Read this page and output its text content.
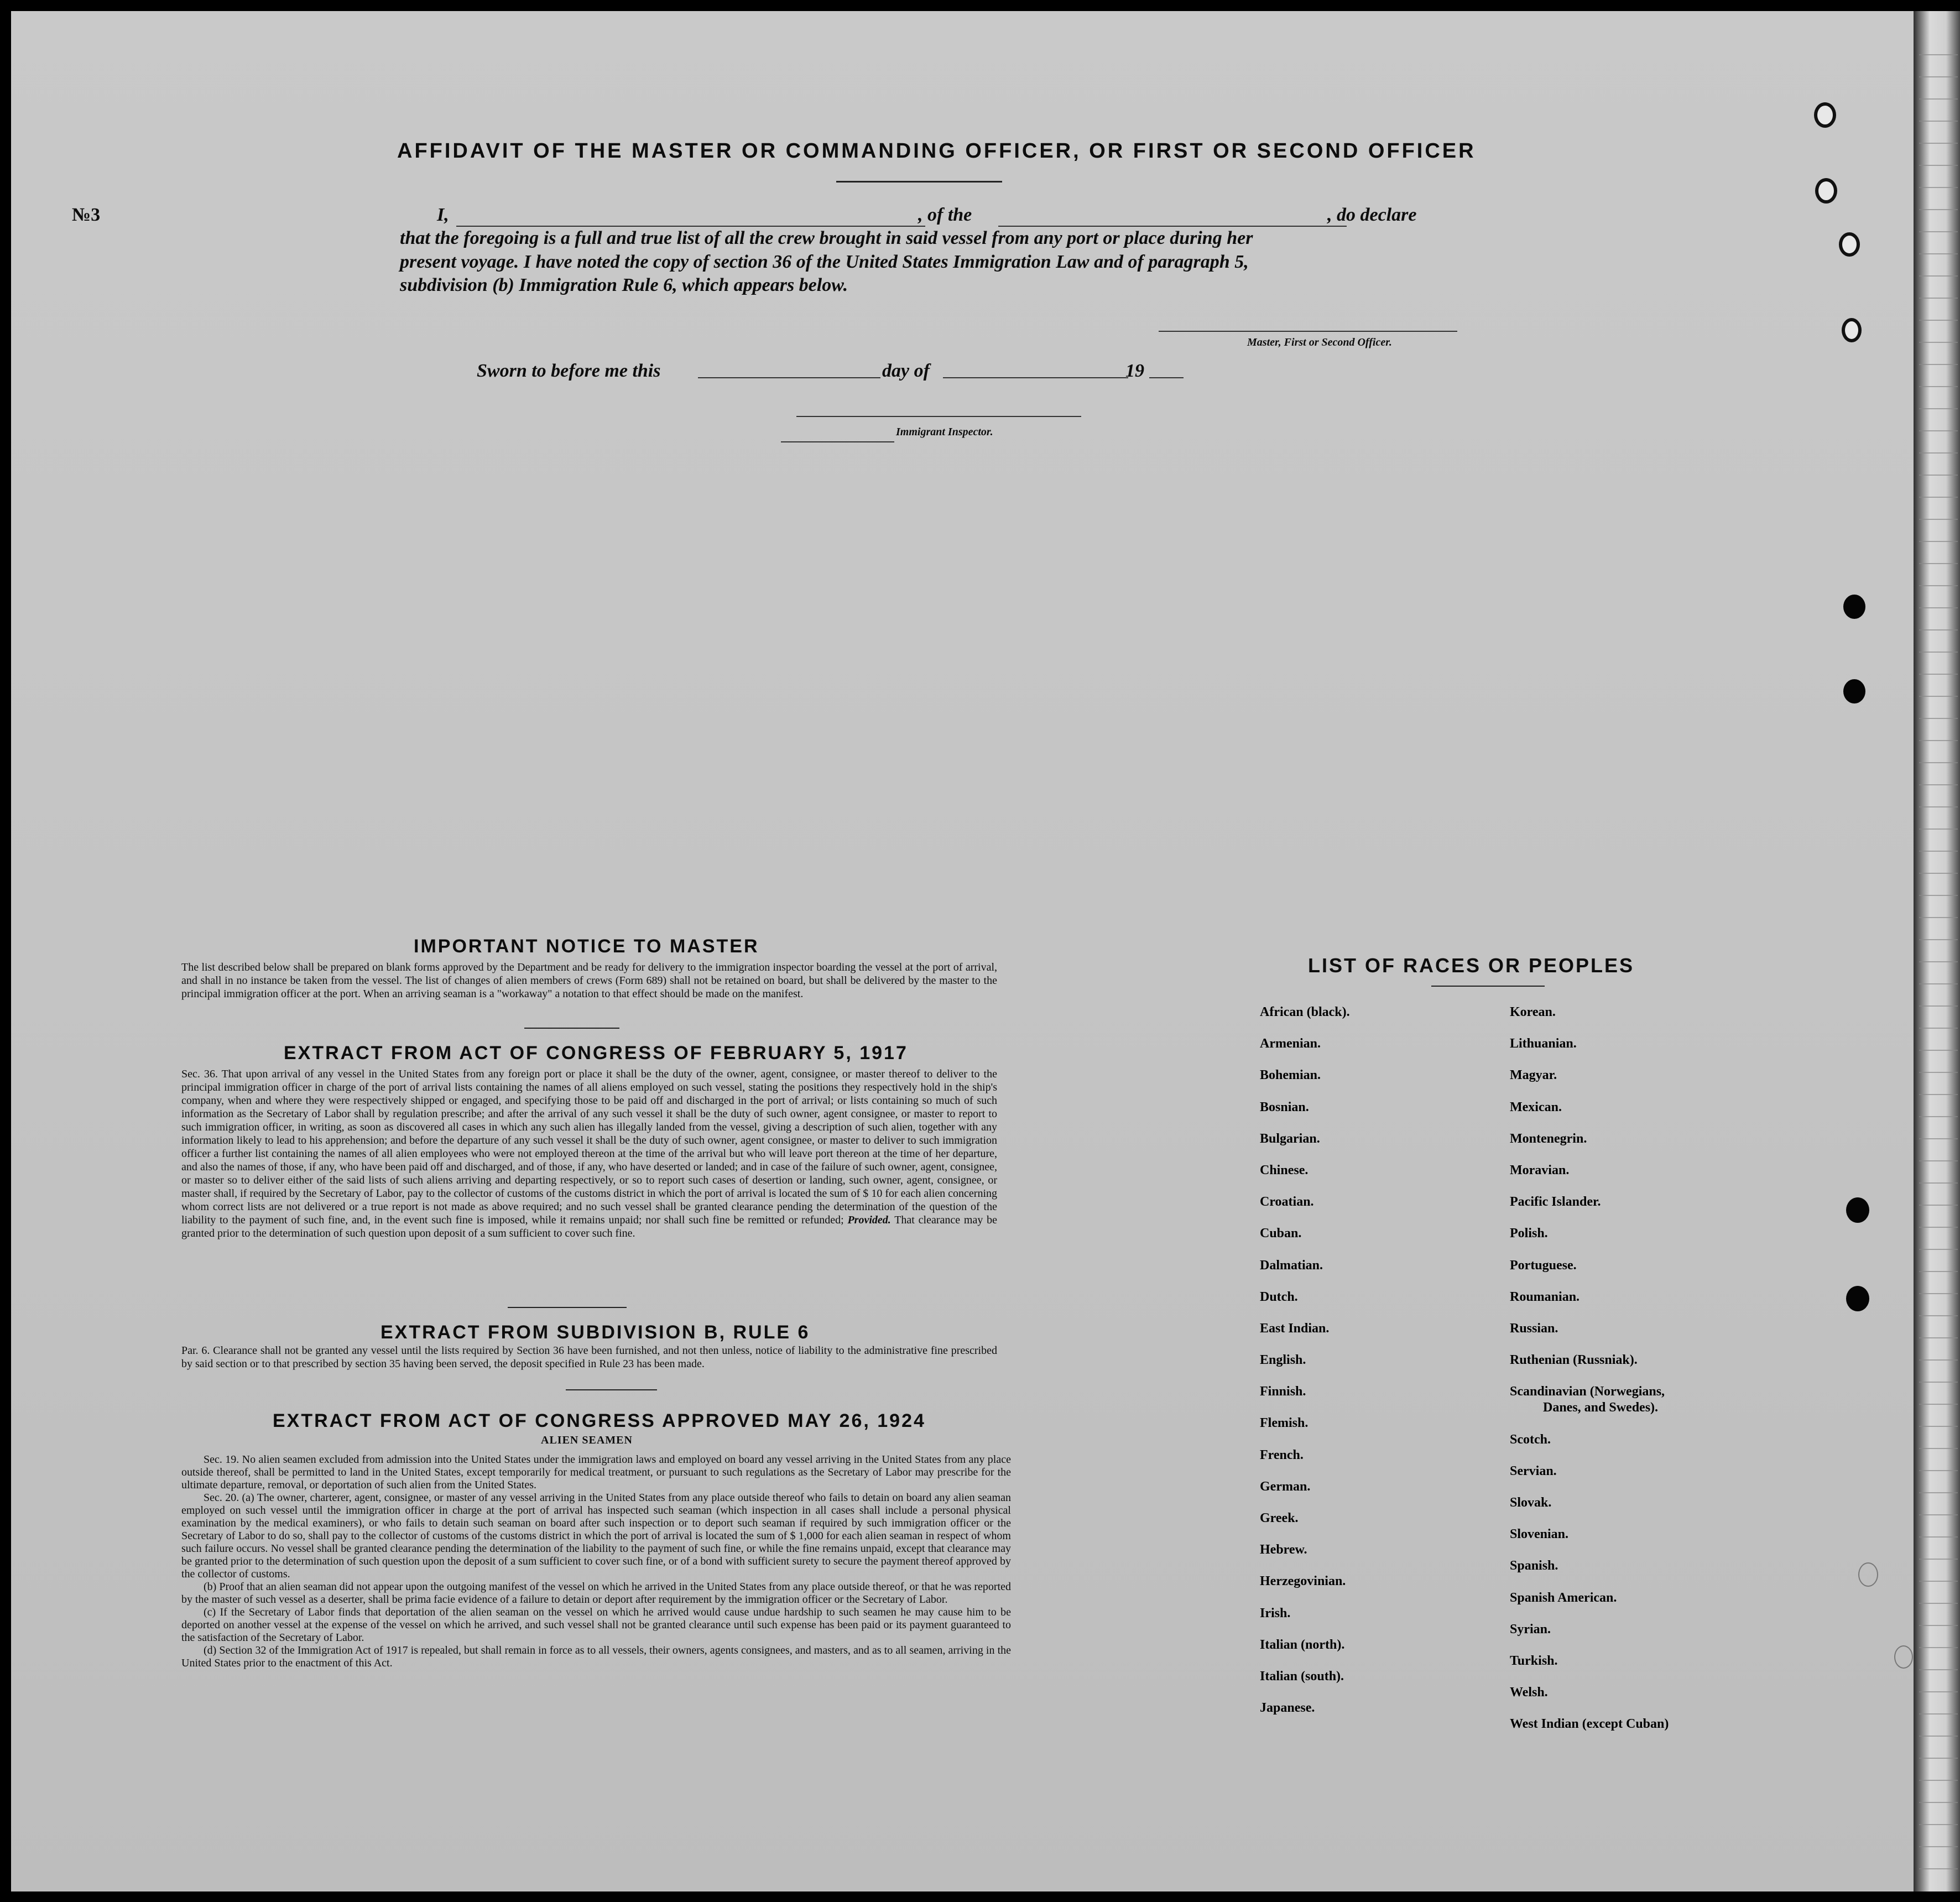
№3
AFFIDAVIT OF THE MASTER OR COMMANDING OFFICER, OR FIRST OR SECOND OFFICER
I,	, of the	, do declare
that the foregoing is a full and true list of all the crew brought in said vessel from any port or place during her
present voyage. I have noted the copy of section 36 of the United States Immigration Law and of paragraph 5,
subdivision (b) Immigration Rule 6, which appears below.
Master, First or Second Officer.
Sworn to before me this	day of	19
Immigrant Inspector.
IMPORTANT NOTICE TO MASTER
The list described below shall be prepared on blank forms approved by the Department and be ready for delivery to the immigration inspector boarding the vessel at the port of arrival, and shall in no instance be taken from the vessel. The list of changes of alien members of crews (Form 689) shall not be retained on board, but shall be delivered by the master to the principal immigration officer at the port. When an arriving seaman is a "workaway" a notation to that effect should be made on the manifest.
EXTRACT FROM ACT OF CONGRESS OF FEBRUARY 5, 1917
Sec. 36. That upon arrival of any vessel in the United States from any foreign port or place it shall be the duty of the owner, agent, consignee, or master thereof to deliver to the principal immigration officer in charge of the port of arrival lists containing the names of all aliens employed on such vessel, stating the positions they respectively hold in the ship's company, when and where they were respectively shipped or engaged, and specifying those to be paid off and discharged in the port of arrival; or lists containing so much of such information as the Secretary of Labor shall by regulation prescribe; and after the arrival of any such vessel it shall be the duty of such owner, agent consignee, or master to report to such immigration officer, in writing, as soon as discovered all cases in which any such alien has illegally landed from the vessel, giving a description of such alien, together with any information likely to lead to his apprehension; and before the departure of any such vessel it shall be the duty of such owner, agent consignee, or master to deliver to such immigration officer a further list containing the names of all alien employees who were not employed thereon at the time of the arrival but who will leave port thereon at the time of her departure, and also the names of those, if any, who have been paid off and discharged, and of those, if any, who have deserted or landed; and in case of the failure of such owner, agent, consignee, or master so to deliver either of the said lists of such aliens arriving and departing respectively, or so to report such cases of desertion or landing, such owner, agent, consignee, or master shall, if required by the Secretary of Labor, pay to the collector of customs of the customs district in which the port of arrival is located the sum of $ 10 for each alien concerning whom correct lists are not delivered or a true report is not made as above required; and no such vessel shall be granted clearance pending the determination of the question of the liability to the payment of such fine, and, in the event such fine is imposed, while it remains unpaid; nor shall such fine be remitted or refunded; Provided. That clearance may be granted prior to the determination of such question upon deposit of a sum sufficient to cover such fine.
EXTRACT FROM SUBDIVISION B, RULE 6
Par. 6. Clearance shall not be granted any vessel until the lists required by Section 36 have been furnished, and not then unless, notice of liability to the administrative fine prescribed by said section or to that prescribed by section 35 having been served, the deposit specified in Rule 23 has been made.
EXTRACT FROM ACT OF CONGRESS APPROVED MAY 26, 1924
ALIEN SEAMEN
Sec. 19. No alien seamen excluded from admission into the United States under the immigration laws and employed on board any vessel arriving in the United States from any place outside thereof, shall be permitted to land in the United States, except temporarily for medical treatment, or pursuant to such regulations as the Secretary of Labor may prescribe for the ultimate departure, removal, or deportation of such alien from the United States.
Sec. 20. (a) The owner, charterer, agent, consignee, or master of any vessel arriving in the United States from any place outside thereof who fails to detain on board any alien seaman employed on such vessel until the immigration officer in charge at the port of arrival has inspected such seaman (which inspection in all cases shall include a personal physical examination by the medical examiners), or who fails to detain such seaman on board after such inspection or to deport such seaman if required by such immigration officer or the Secretary of Labor to do so, shall pay to the collector of customs of the customs district in which the port of arrival is located the sum of $ 1,000 for each alien seaman in respect of whom such failure occurs. No vessel shall be granted clearance pending the determination of the liability to the payment of such fine, or while the fine remains unpaid, except that clearance may be granted prior to the determination of such question upon the deposit of a sum sufficient to cover such fine, or of a bond with sufficient surety to secure the payment thereof approved by the collector of customs.
(b) Proof that an alien seaman did not appear upon the outgoing manifest of the vessel on which he arrived in the United States from any place outside thereof, or that he was reported by the master of such vessel as a deserter, shall be prima facie evidence of a failure to detain or deport after requirement by the immigration officer or the Secretary of Labor.
(c) If the Secretary of Labor finds that deportation of the alien seaman on the vessel on which he arrived would cause undue hardship to such seamen he may cause him to be deported on another vessel at the expense of the vessel on which he arrived, and such vessel shall not be granted clearance until such expense has been paid or its payment guaranteed to the satisfaction of the Secretary of Labor.
(d) Section 32 of the Immigration Act of 1917 is repealed, but shall remain in force as to all vessels, their owners, agents consignees, and masters, and as to all seamen, arriving in the United States prior to the enactment of this Act.
LIST OF RACES OR PEOPLES
African (black).
Armenian.
Bohemian.
Bosnian.
Bulgarian.
Chinese.
Croatian.
Cuban.
Dalmatian.
Dutch.
East Indian.
English.
Finnish.
Flemish.
French.
German.
Greek.
Hebrew.
Herzegovinian.
Irish.
Italian (north).
Italian (south).
Japanese.
Korean.
Lithuanian.
Magyar.
Mexican.
Montenegrin.
Moravian.
Pacific Islander.
Polish.
Portuguese.
Roumanian.
Russian.
Ruthenian (Russniak).
Scandinavian (Norwegians,
Danes, and Swedes).
Scotch.
Servian.
Slovak.
Slovenian.
Spanish.
Spanish American.
Syrian.
Turkish.
Welsh.
West Indian (except Cuban)
